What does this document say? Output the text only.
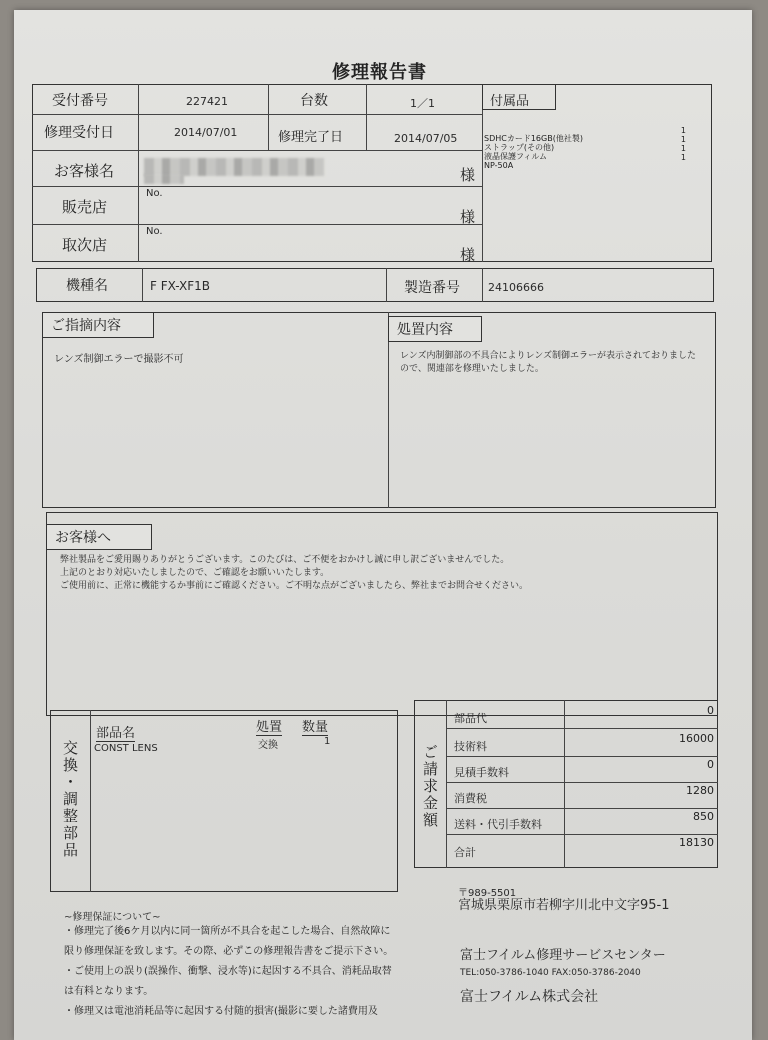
修理報告書
受付番号	227421	台数	1／1	付属品
修理受付日	2014/07/01	修理完了日	2014/07/05
お客様名	様
販売店
No.
様
取次店
No.
様
SDHCカード16GB(他社製)
1
ストラップ(その他)
1
液晶保護フィルム
1
NP-50A
1
機種名	F FX-XF1B	製造番号	24106666
ご指摘内容
レンズ制御エラーで撮影不可
処置内容
レンズ内制御部の不具合によりレンズ制御エラーが表示されておりましたので、関連部を修理いたしました。
お客様へ
弊社製品をご愛用賜りありがとうございます。このたびは、ご不便をおかけし誠に申し訳ございませんでした。
上記のとおり対応いたしましたので、ご確認をお願いいたします。
ご使用前に、正常に機能するか事前にご確認ください。ご不明な点がございましたら、弊社までお問合せください。
交換・調整部品
部品名	処置 数量
CONST LENS	交換	1
ご請求金額
部品代
0
技術料
16000
見積手数料
0
消費税
1280
送料・代引手数料
850
合計
18130
~修理保証について~
・修理完了後6ケ月以内に同一箇所が不具合を起こした場合、自然故障に
限り修理保証を致します。その際、必ずこの修理報告書をご提示下さい。
・ご使用上の誤り(誤操作、衝撃、浸水等)に起因する不具合、消耗品取替
は有料となります。
・修理又は電池消耗品等に起因する付随的損害(撮影に要した諸費用及
〒989-5501
宮城県栗原市若柳字川北中文字95-1
富士フイルム修理サービスセンター
TEL:050-3786-1040 FAX:050-3786-2040
富士フイルム株式会社
